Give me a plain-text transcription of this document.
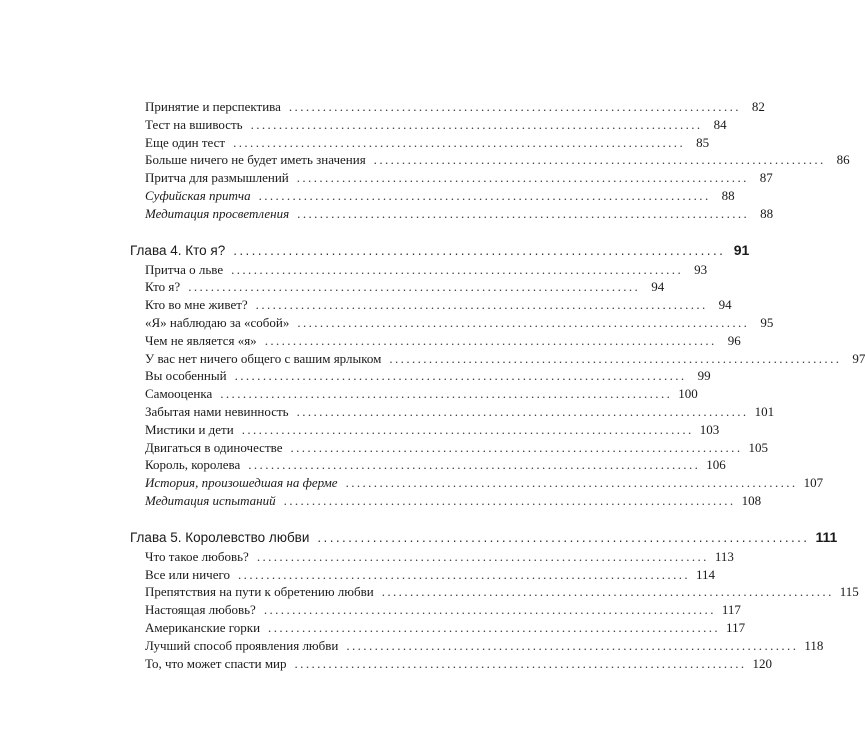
Принятие и перспектива ................................................................................ 82
Тест на вшивость ................................................................................ 84
Еще один тест ................................................................................ 85
Больше ничего не будет иметь значения ................................................................................ 86
Притча для размышлений ................................................................................ 87
Суфийская притча ................................................................................ 88
Медитация просветления ................................................................................ 88
Глава 4. Кто я? ................................................................................ 91
Притча о льве ................................................................................ 93
Кто я? ................................................................................ 94
Кто во мне живет? ................................................................................ 94
«Я» наблюдаю за «собой» ................................................................................ 95
Чем не является «я» ................................................................................ 96
У вас нет ничего общего с вашим ярлыком ................................................................................ 97
Вы особенный ................................................................................ 99
Самооценка ................................................................................ 100
Забытая нами невинность ................................................................................ 101
Мистики и дети ................................................................................ 103
Двигаться в одиночестве ................................................................................ 105
Король, королева ................................................................................ 106
История, произошедшая на ферме ................................................................................ 107
Медитация испытаний ................................................................................ 108
Глава 5. Королевство любви ................................................................................ 111
Что такое любовь? ................................................................................ 113
Все или ничего ................................................................................ 114
Препятствия на пути к обретению любви ................................................................................ 115
Настоящая любовь? ................................................................................ 117
Американские горки ................................................................................ 117
Лучший способ проявления любви ................................................................................ 118
То, что может спасти мир ................................................................................ 120
